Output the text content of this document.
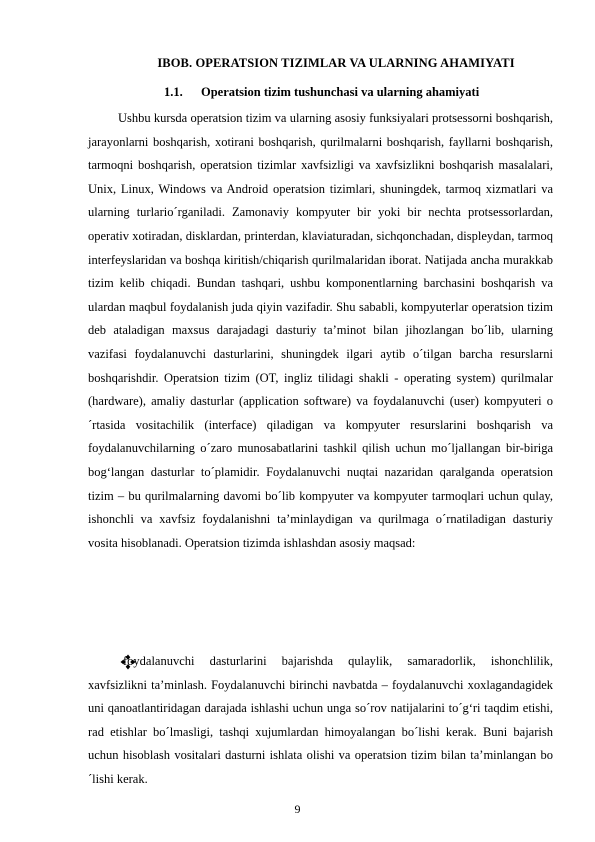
IBOB. OPERATSION TIZIMLAR VA ULARNING AHAMIYATI
1.1. Operatsion tizim tushunchasi va ularning ahamiyati
Ushbu kursda operatsion tizim va ularning asosiy funksiyalari protsessorni boshqarish, jarayonlarni boshqarish, xotirani boshqarish, qurilmalarni boshqarish, fayllarni boshqarish, tarmoqni boshqarish, operatsion tizimlar xavfsizligi va xavfsizlikni boshqarish masalalari, Unix, Linux, Windows va Android operatsion tizimlari, shuningdek, tarmoq xizmatlari va ularning turlario´rganiladi. Zamonaviy kompyuter bir yoki bir nechta protsessorlardan, operativ xotiradan, disklardan, printerdan, klaviaturadan, sichqonchadan, displeydan, tarmoq interfeyslaridan va boshqa kiritish/chiqarish qurilmalaridan iborat. Natijada ancha murakkab tizim kelib chiqadi. Bundan tashqari, ushbu komponentlarning barchasini boshqarish va ulardan maqbul foydalanish juda qiyin vazifadir. Shu sababli, kompyuterlar operatsion tizim deb ataladigan maxsus darajadagi dasturiy ta’minot bilan jihozlangan bo´lib, ularning vazifasi foydalanuvchi dasturlarini, shuningdek ilgari aytib o´tilgan barcha resurslarni boshqarishdir. Operatsion tizim (OT, ingliz tilidagi shakli - operating system) qurilmalar (hardware), amaliy dasturlar (application software) va foydalanuvchi (user) kompyuteri o´rtasida vositachilik (interface) qiladigan va kompyuter resurslarini boshqarish va foydalanuvchilarning o´zaro munosabatlarini tashkil qilish uchun mo´ljallangan bir-biriga bog‘langan dasturlar to´plamidir. Foydalanuvchi nuqtai nazaridan qaralganda operatsion tizim – bu qurilmalarning davomi bo´lib kompyuter va kompyuter tarmoqlari uchun qulay, ishonchli va xavfsiz foydalanishni ta’minlaydigan va qurilmaga o´rnatiladigan dasturiy vosita hisoblanadi. Operatsion tizimda ishlashdan asosiy maqsad:
foydalanuvchi dasturlarini bajarishda qulaylik, samaradorlik, ishonchlilik, xavfsizlikni ta’minlash. Foydalanuvchi birinchi navbatda – foydalanuvchi xoxlagandagidek uni qanoatlantiridagan darajada ishlashi uchun unga so´rov natijalarini to´g‘ri taqdim etishi, rad etishlar bo´lmasligi, tashqi xujumlardan himoyalangan bo´lishi kerak. Buni bajarish uchun hisoblash vositalari dasturni ishlata olishi va operatsion tizim bilan ta’minlangan bo´lishi kerak.
9
